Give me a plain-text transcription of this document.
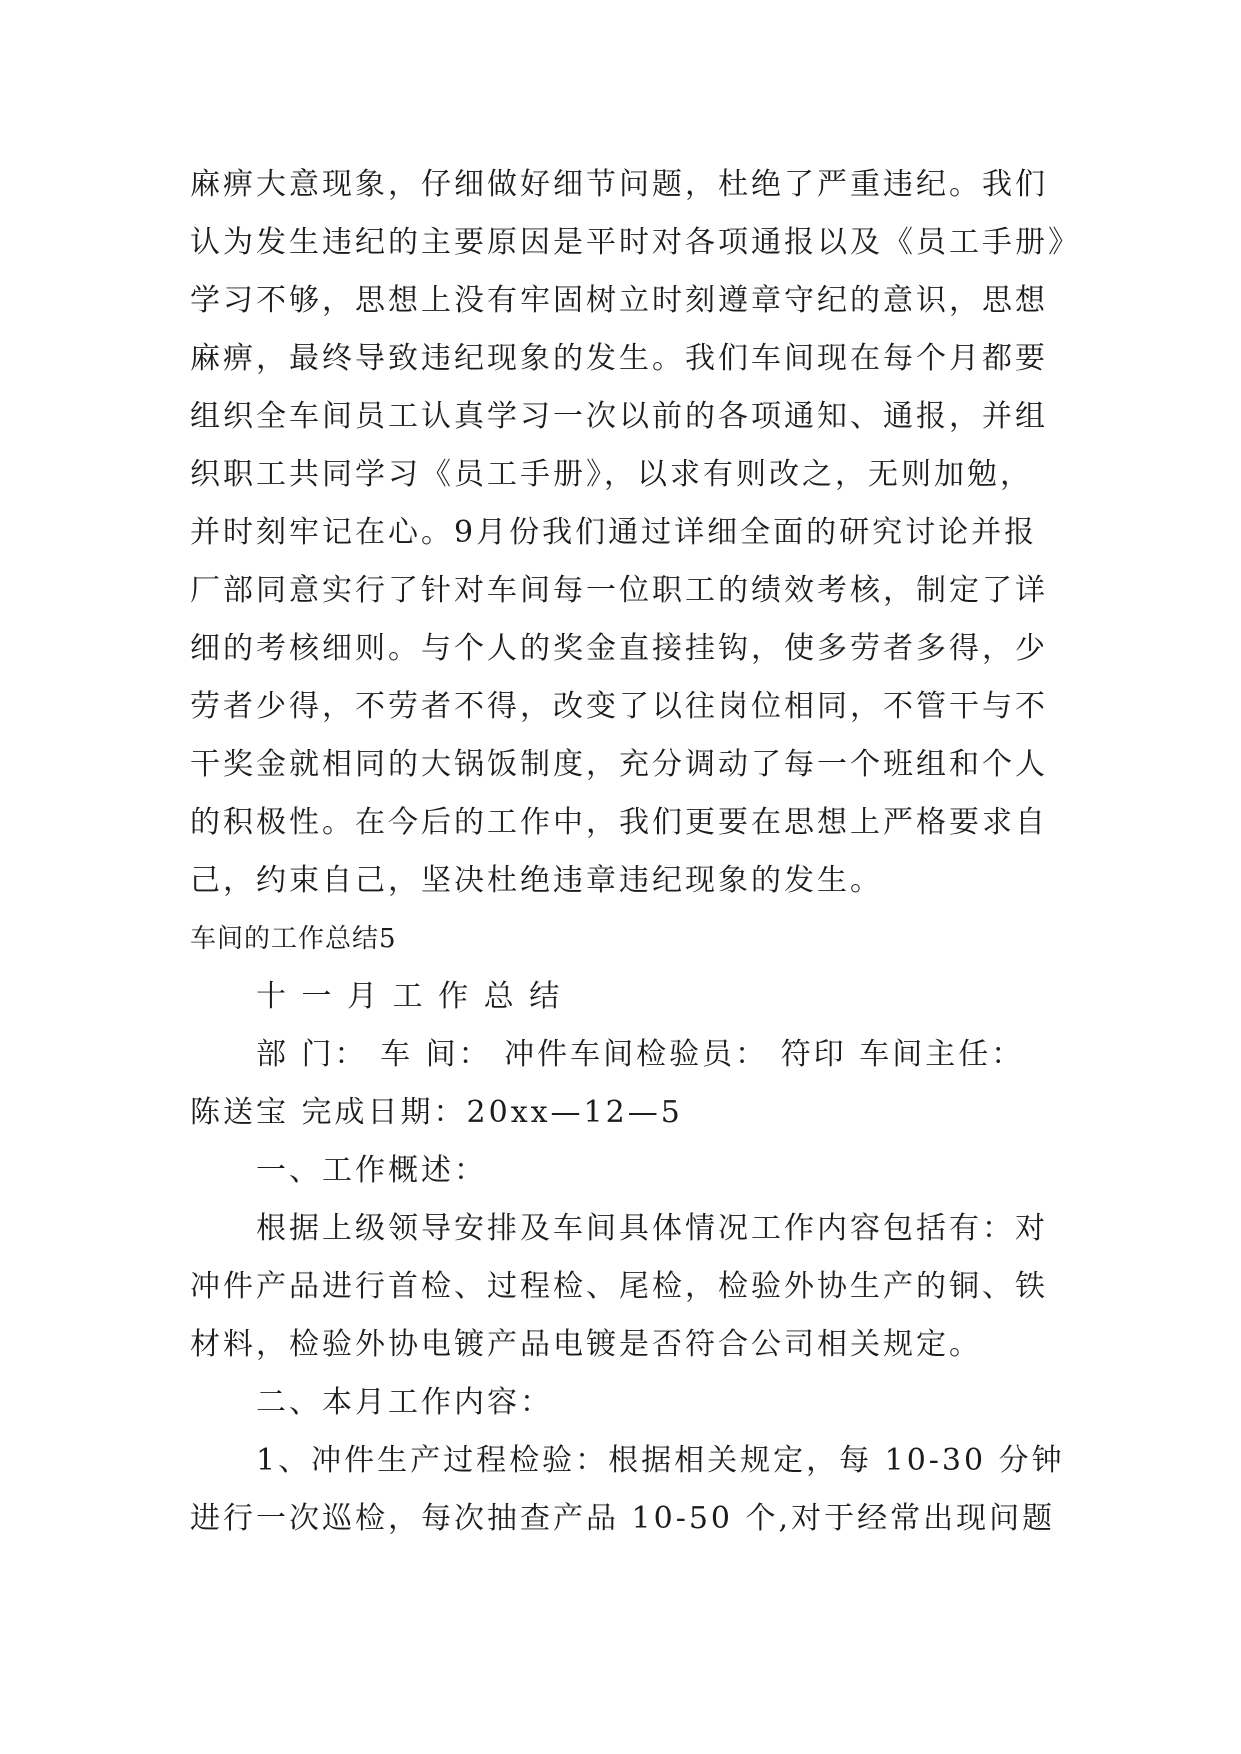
麻痹大意现象，仔细做好细节问题，杜绝了严重违纪。我们
认为发生违纪的主要原因是平时对各项通报以及《员工手册》
学习不够，思想上没有牢固树立时刻遵章守纪的意识，思想
麻痹，最终导致违纪现象的发生。我们车间现在每个月都要
组织全车间员工认真学习一次以前的各项通知、通报，并组
织职工共同学习《员工手册》，以求有则改之，无则加勉，
并时刻牢记在心。9月份我们通过详细全面的研究讨论并报
厂部同意实行了针对车间每一位职工的绩效考核，制定了详
细的考核细则。与个人的奖金直接挂钩，使多劳者多得，少
劳者少得，不劳者不得，改变了以往岗位相同，不管干与不
干奖金就相同的大锅饭制度，充分调动了每一个班组和个人
的积极性。在今后的工作中，我们更要在思想上严格要求自
己，约束自己，坚决杜绝违章违纪现象的发生。
车间的工作总结5
十 一 月 工 作 总 结
部 门： 车 间： 冲件车间检验员： 符印 车间主任：
陈送宝 完成日期：20xx—12—5
一、工作概述：
根据上级领导安排及车间具体情况工作内容包括有：对
冲件产品进行首检、过程检、尾检，检验外协生产的铜、铁
材料，检验外协电镀产品电镀是否符合公司相关规定。
二、本月工作内容：
1、冲件生产过程检验：根据相关规定，每 10-30 分钟
进行一次巡检，每次抽查产品 10-50 个,对于经常出现问题
